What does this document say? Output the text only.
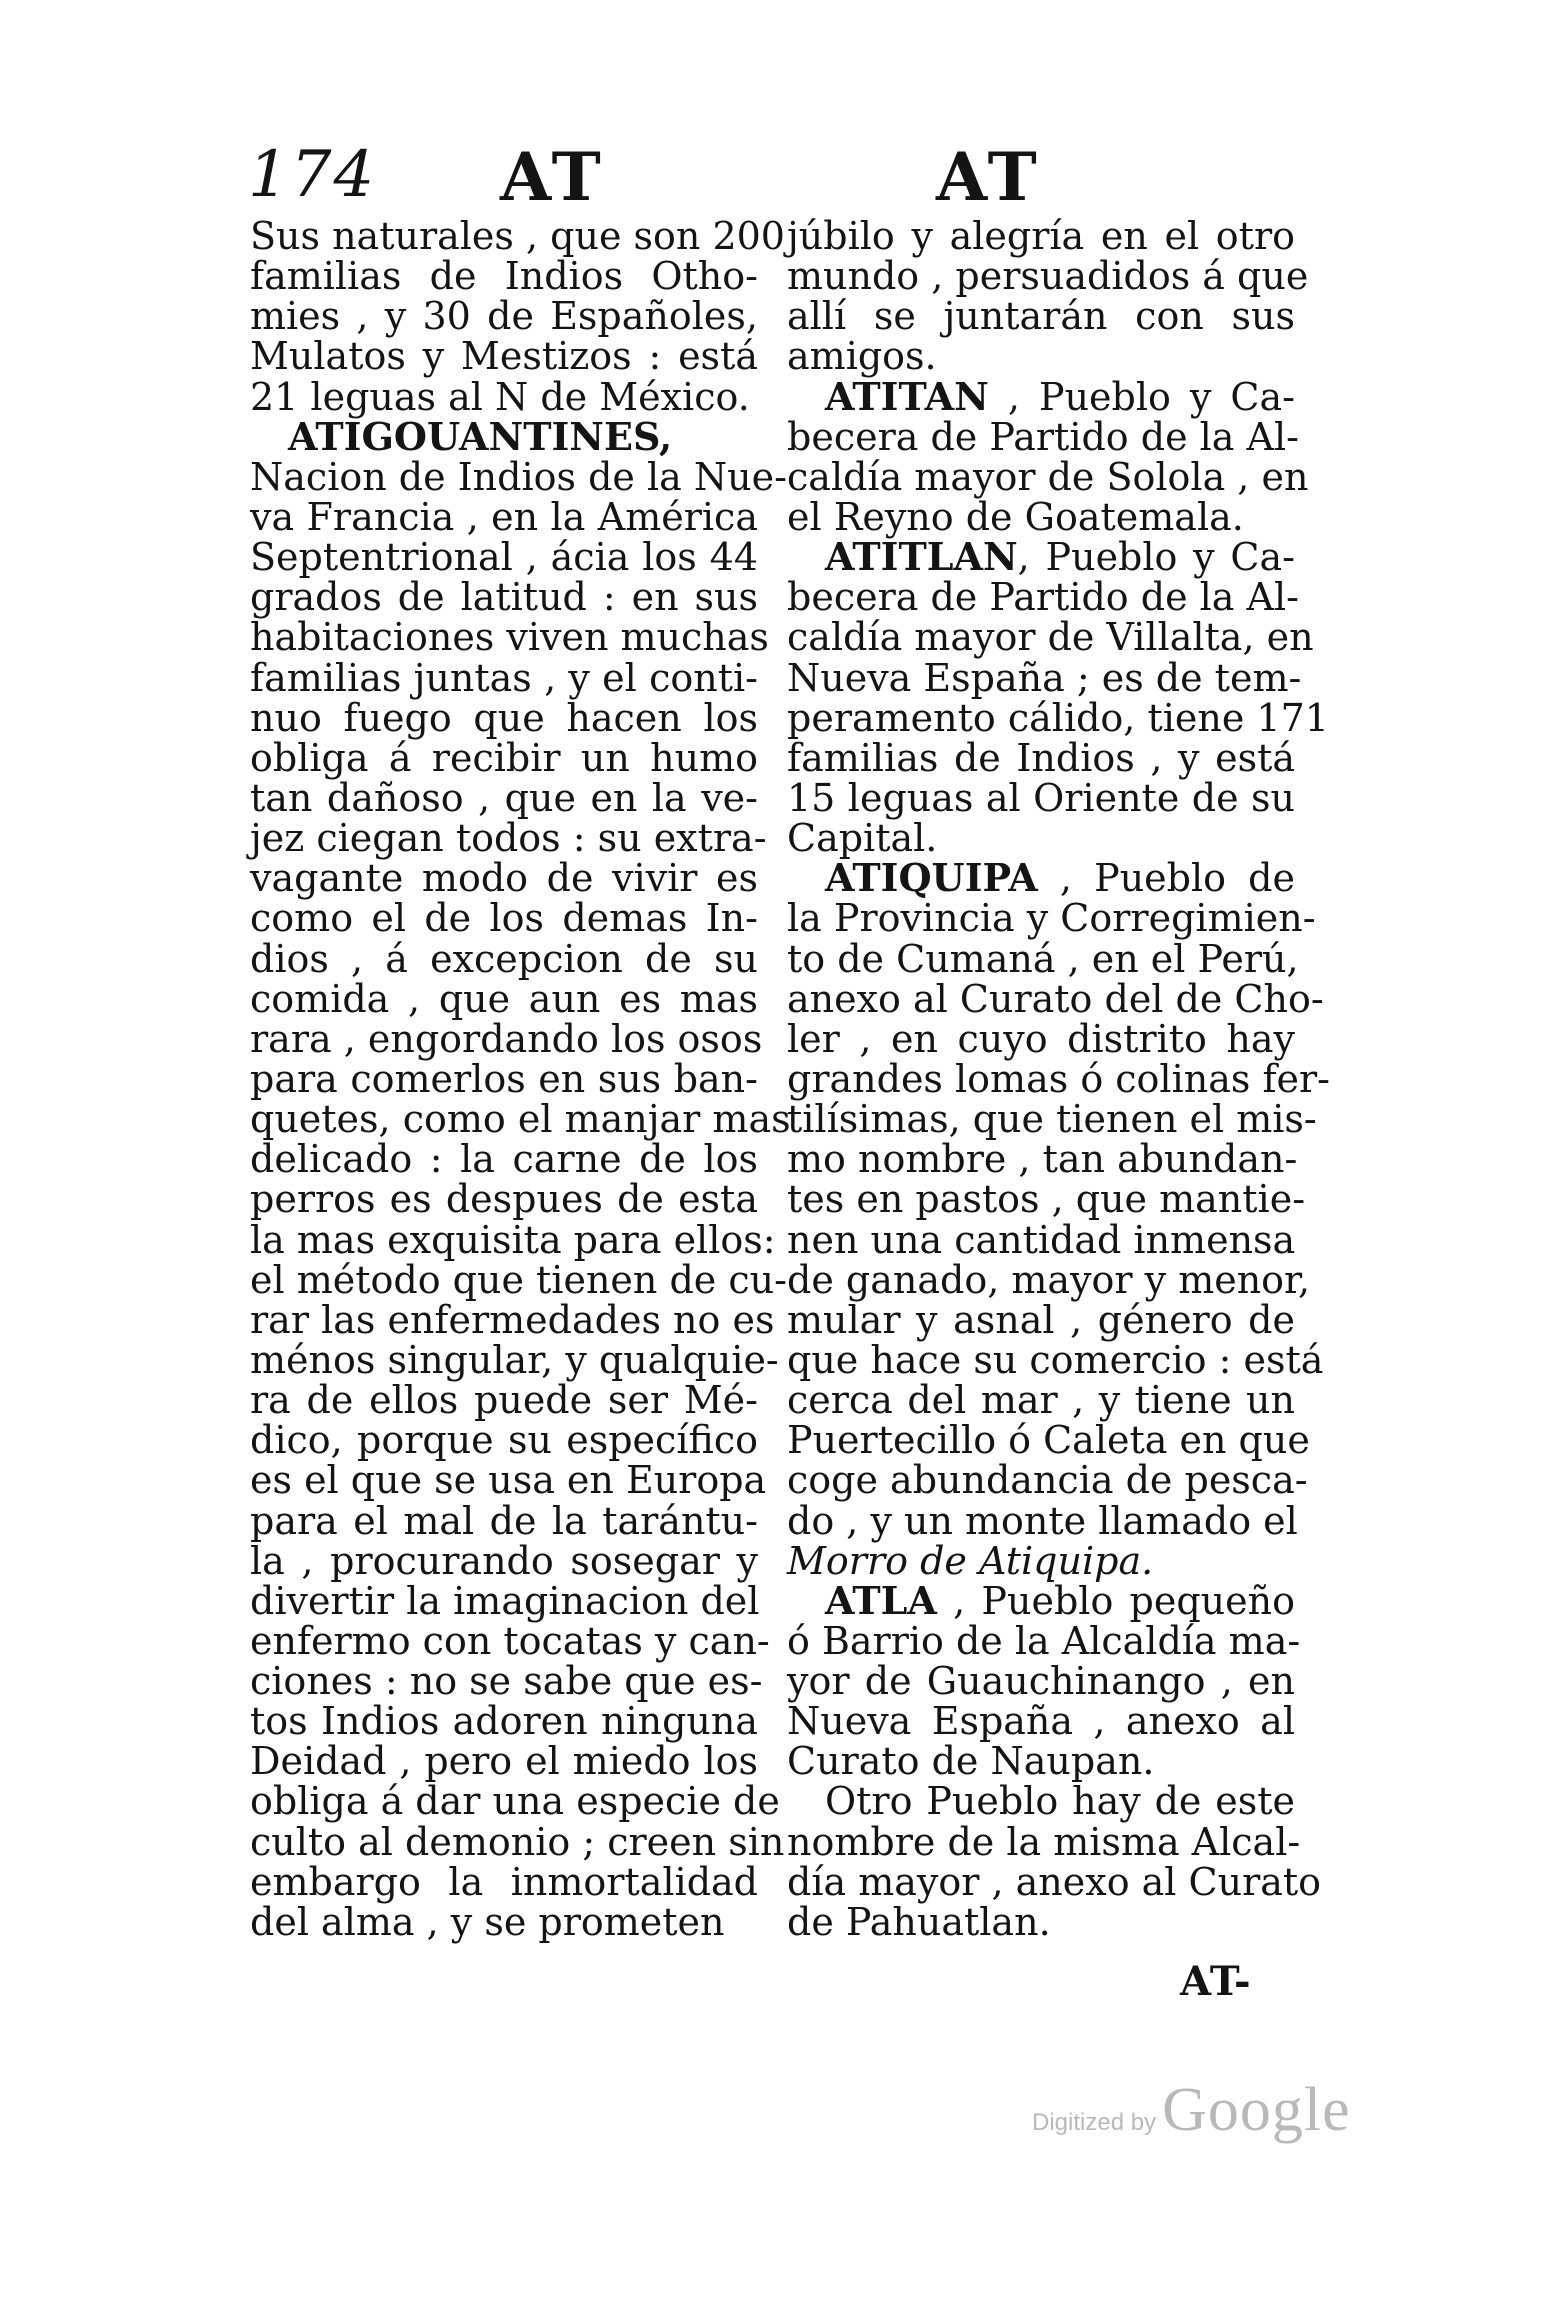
174 AT	AT
Sus naturales , que son 200
familias de Indios Otho-
mies , y 30 de Españoles,
Mulatos y Mestizos : está
21 leguas al N de México.
ATIGOUANTINES,
Nacion de Indios de la Nue-
va Francia , en la América
Septentrional , ácia los 44
grados de latitud : en sus
habitaciones viven muchas
familias juntas , y el conti-
nuo fuego que hacen los
obliga á recibir un humo
tan dañoso , que en la ve-
jez ciegan todos : su extra-
vagante modo de vivir es
como el de los demas In-
dios , á excepcion de su
comida , que aun es mas
rara , engordando los osos
para comerlos en sus ban-
quetes, como el manjar mas
delicado : la carne de los
perros es despues de esta
la mas exquisita para ellos:
el método que tienen de cu-
rar las enfermedades no es
ménos singular, y qualquie-
ra de ellos puede ser Mé-
dico, porque su específico
es el que se usa en Europa
para el mal de la tarántu-
la , procurando sosegar y
divertir la imaginacion del
enfermo con tocatas y can-
ciones : no se sabe que es-
tos Indios adoren ninguna
Deidad , pero el miedo los
obliga á dar una especie de
culto al demonio ; creen sin
embargo la inmortalidad
del alma , y se prometen
júbilo y alegría en el otro
mundo , persuadidos á que
allí se juntarán con sus
amigos.
ATITAN , Pueblo y Ca-
becera de Partido de la Al-
caldía mayor de Solola , en
el Reyno de Goatemala.
ATITLAN, Pueblo y Ca-
becera de Partido de la Al-
caldía mayor de Villalta, en
Nueva España ; es de tem-
peramento cálido, tiene 171
familias de Indios , y está
15 leguas al Oriente de su
Capital.
ATIQUIPA , Pueblo de
la Provincia y Corregimien-
to de Cumaná , en el Perú,
anexo al Curato del de Cho-
ler , en cuyo distrito hay
grandes lomas ó colinas fer-
tilísimas, que tienen el mis-
mo nombre , tan abundan-
tes en pastos , que mantie-
nen una cantidad inmensa
de ganado, mayor y menor,
mular y asnal , género de
que hace su comercio : está
cerca del mar , y tiene un
Puertecillo ó Caleta en que
coge abundancia de pesca-
do , y un monte llamado el
Morro de Atiquipa.
ATLA , Pueblo pequeño
ó Barrio de la Alcaldía ma-
yor de Guauchinango , en
Nueva España , anexo al
Curato de Naupan.
Otro Pueblo hay de este
nombre de la misma Alcal-
día mayor , anexo al Curato
de Pahuatlan.
AT-
Digitized by Google
